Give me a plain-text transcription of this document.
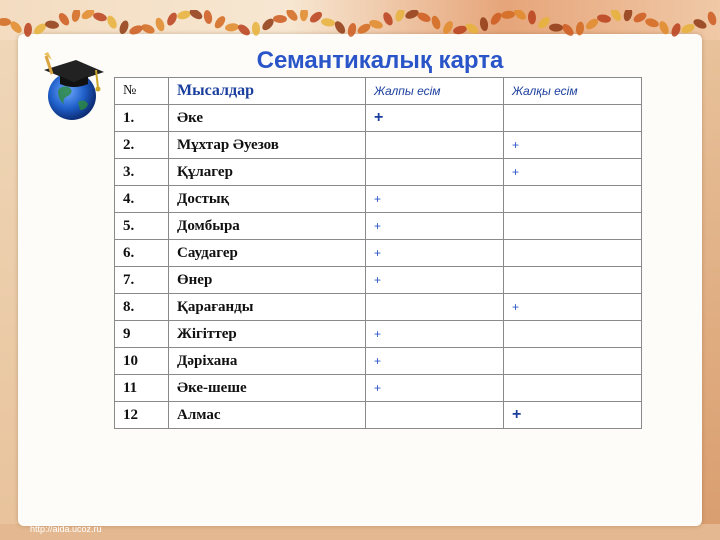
Семантикалық карта
№	Мысалдар	Жалпы есім	Жалқы есім
1.	Әке	+	
2.	Мұхтар Әуезов		+
3.	Құлагер		+
4.	Достық	+	
5.	Домбыра	+	
6.	Саудагер	+	
7.	Өнер	+	
8.	Қарағанды		+
9	Жігіттер	+	
10	Дәріхана	+	
11	Әке-шеше	+	
12	Алмас		+
http://aida.ucoz.ru
